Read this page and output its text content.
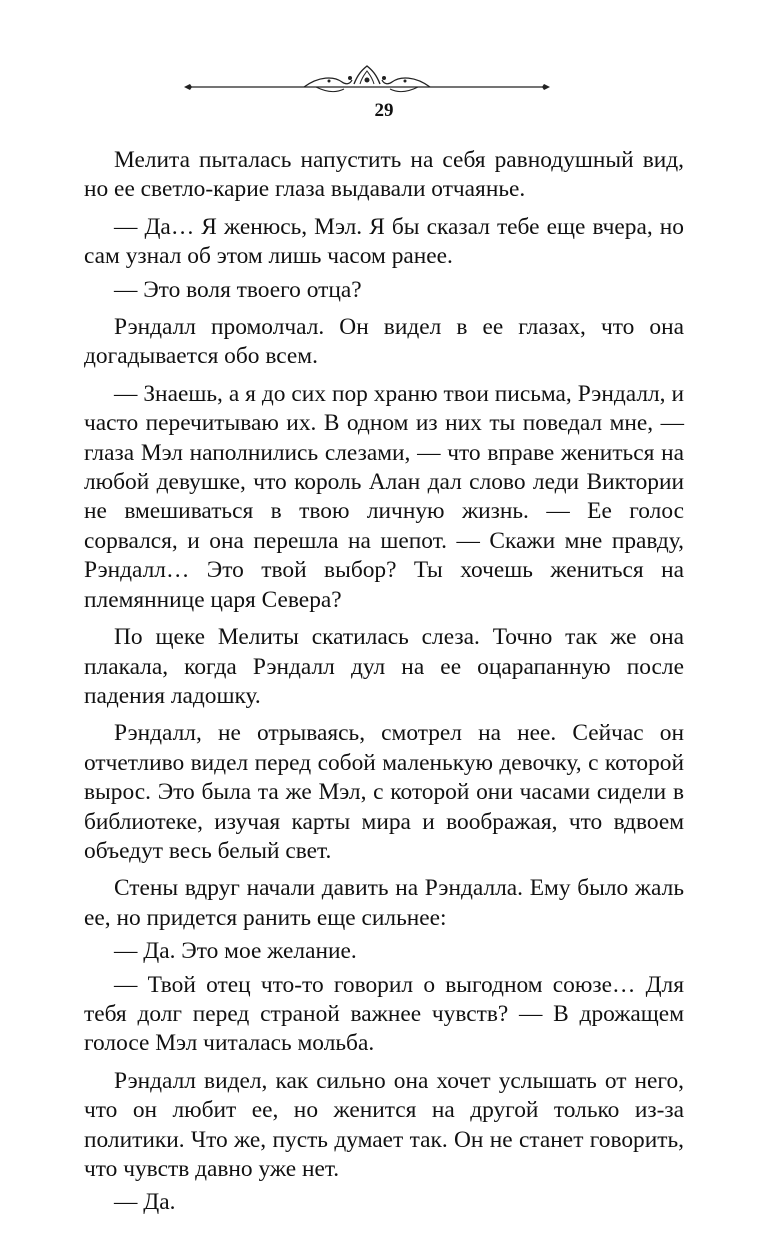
29

Мелита пыталась напустить на себя равнодушный вид, но ее светло-карие глаза выдавали отчаянье.

— Да… Я женюсь, Мэл. Я бы сказал тебе еще вчера, но сам узнал об этом лишь часом ранее.

— Это воля твоего отца?

Рэндалл промолчал. Он видел в ее глазах, что она догадывается обо всем.

— Знаешь, а я до сих пор храню твои письма, Рэндалл, и часто перечитываю их. В одном из них ты поведал мне, — глаза Мэл наполнились слезами, — что вправе жениться на любой девушке, что король Алан дал слово леди Виктории не вмешиваться в твою личную жизнь. — Ее голос сорвался, и она перешла на шепот. — Скажи мне правду, Рэндалл… Это твой выбор? Ты хочешь жениться на племяннице царя Севера?

По щеке Мелиты скатилась слеза. Точно так же она плакала, когда Рэндалл дул на ее оцарапанную после падения ладошку.

Рэндалл, не отрываясь, смотрел на нее. Сейчас он отчетливо видел перед собой маленькую девочку, с которой вырос. Это была та же Мэл, с которой они часами сидели в библиотеке, изучая карты мира и воображая, что вдвоем объедут весь белый свет.

Стены вдруг начали давить на Рэндалла. Ему было жаль ее, но придется ранить еще сильнее:

— Да. Это мое желание.

— Твой отец что-то говорил о выгодном союзе… Для тебя долг перед страной важнее чувств? — В дрожащем голосе Мэл читалась мольба.

Рэндалл видел, как сильно она хочет услышать от него, что он любит ее, но женится на другой только из-за политики. Что же, пусть думает так. Он не станет говорить, что чувств давно уже нет.

— Да.
